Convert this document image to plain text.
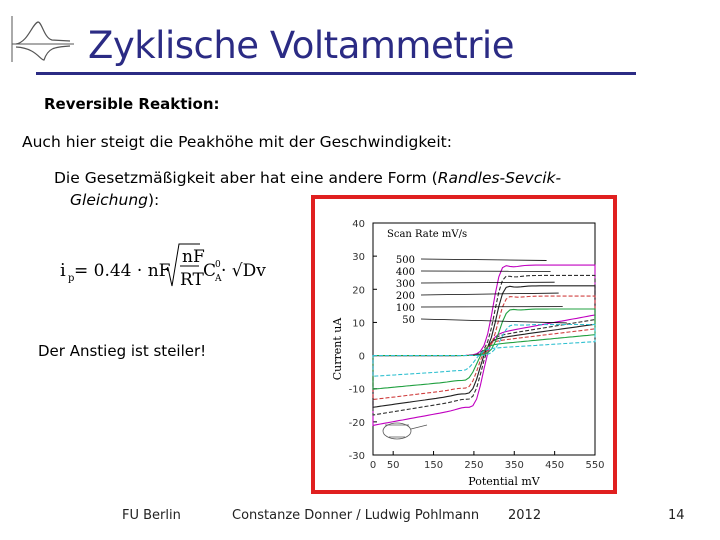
Zyklische Voltammetrie
Reversible Reaktion:
Auch hier steigt die Peakhöhe mit der Geschwindigkeit:
Die Gesetzmäßigkeit aber hat eine andere Form (Randles-Sevcik-
Gleichung):
i p = 0.44 · nF
nF
RT C
0
A · √Dv
Der Anstieg ist steiler!
40
30
20
10
0
-10
-20
-30
0 50 150 250 350 450 550
Potential mV
Current uA
Scan Rate mV/s
500
400
300
200
100
50
FU Berlin	Constanze Donner / Ludwig Pohlmann 2012	14
